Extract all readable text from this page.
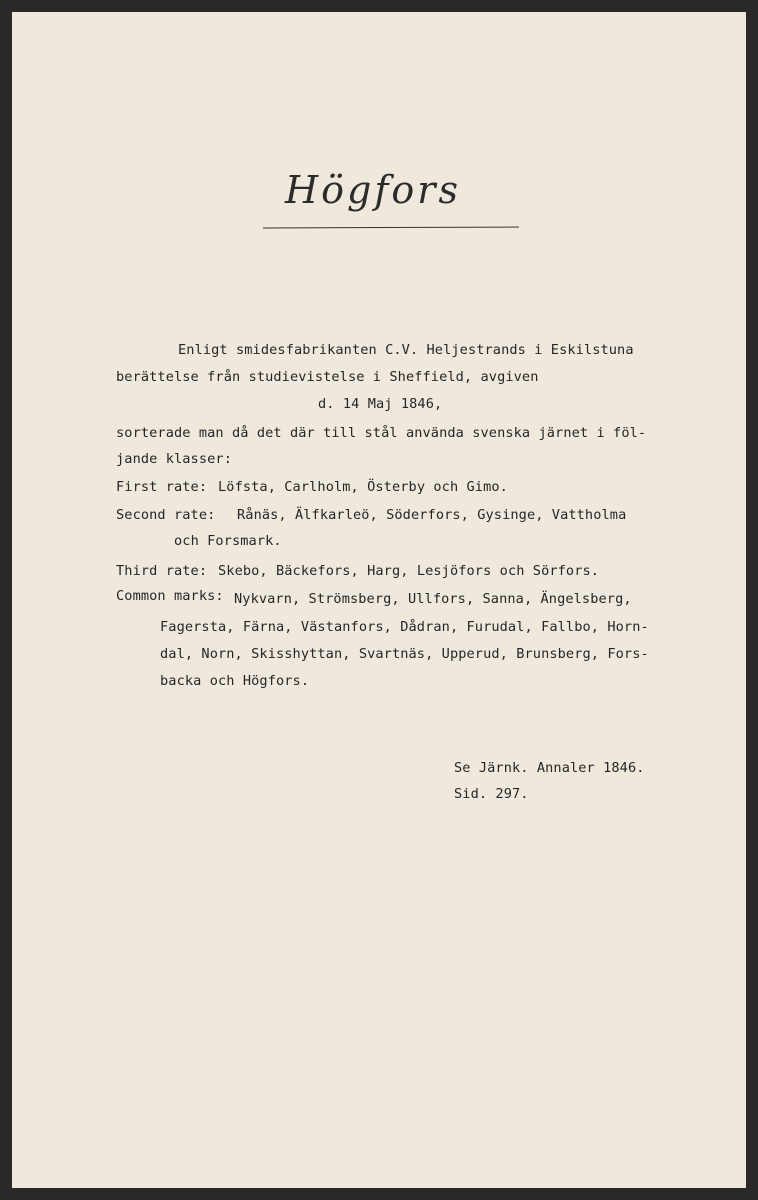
Högfors

Enligt smidesfabrikanten C.V. Heljestrands i Eskilstuna

berättelse från studievistelse i Sheffield, avgiven

d. 14 Maj 1846,

sorterade man då det där till stål använda svenska järnet i föl-

jande klasser:

First rate: Löfsta, Carlholm, Österby och Gimo.

Second rate: Rånäs, Älfkarleö, Söderfors, Gysinge, Vattholma

och Forsmark.

Third rate: Skebo, Bäckefors, Harg, Lesjöfors och Sörfors.

Common marks: Nykvarn, Strömsberg, Ullfors, Sanna, Ängelsberg,

Fagersta, Färna, Västanfors, Dådran, Furudal, Fallbo, Horn-

dal, Norn, Skisshyttan, Svartnäs, Upperud, Brunsberg, Fors-

backa och Högfors.

Se Järnk. Annaler 1846.

Sid. 297.
